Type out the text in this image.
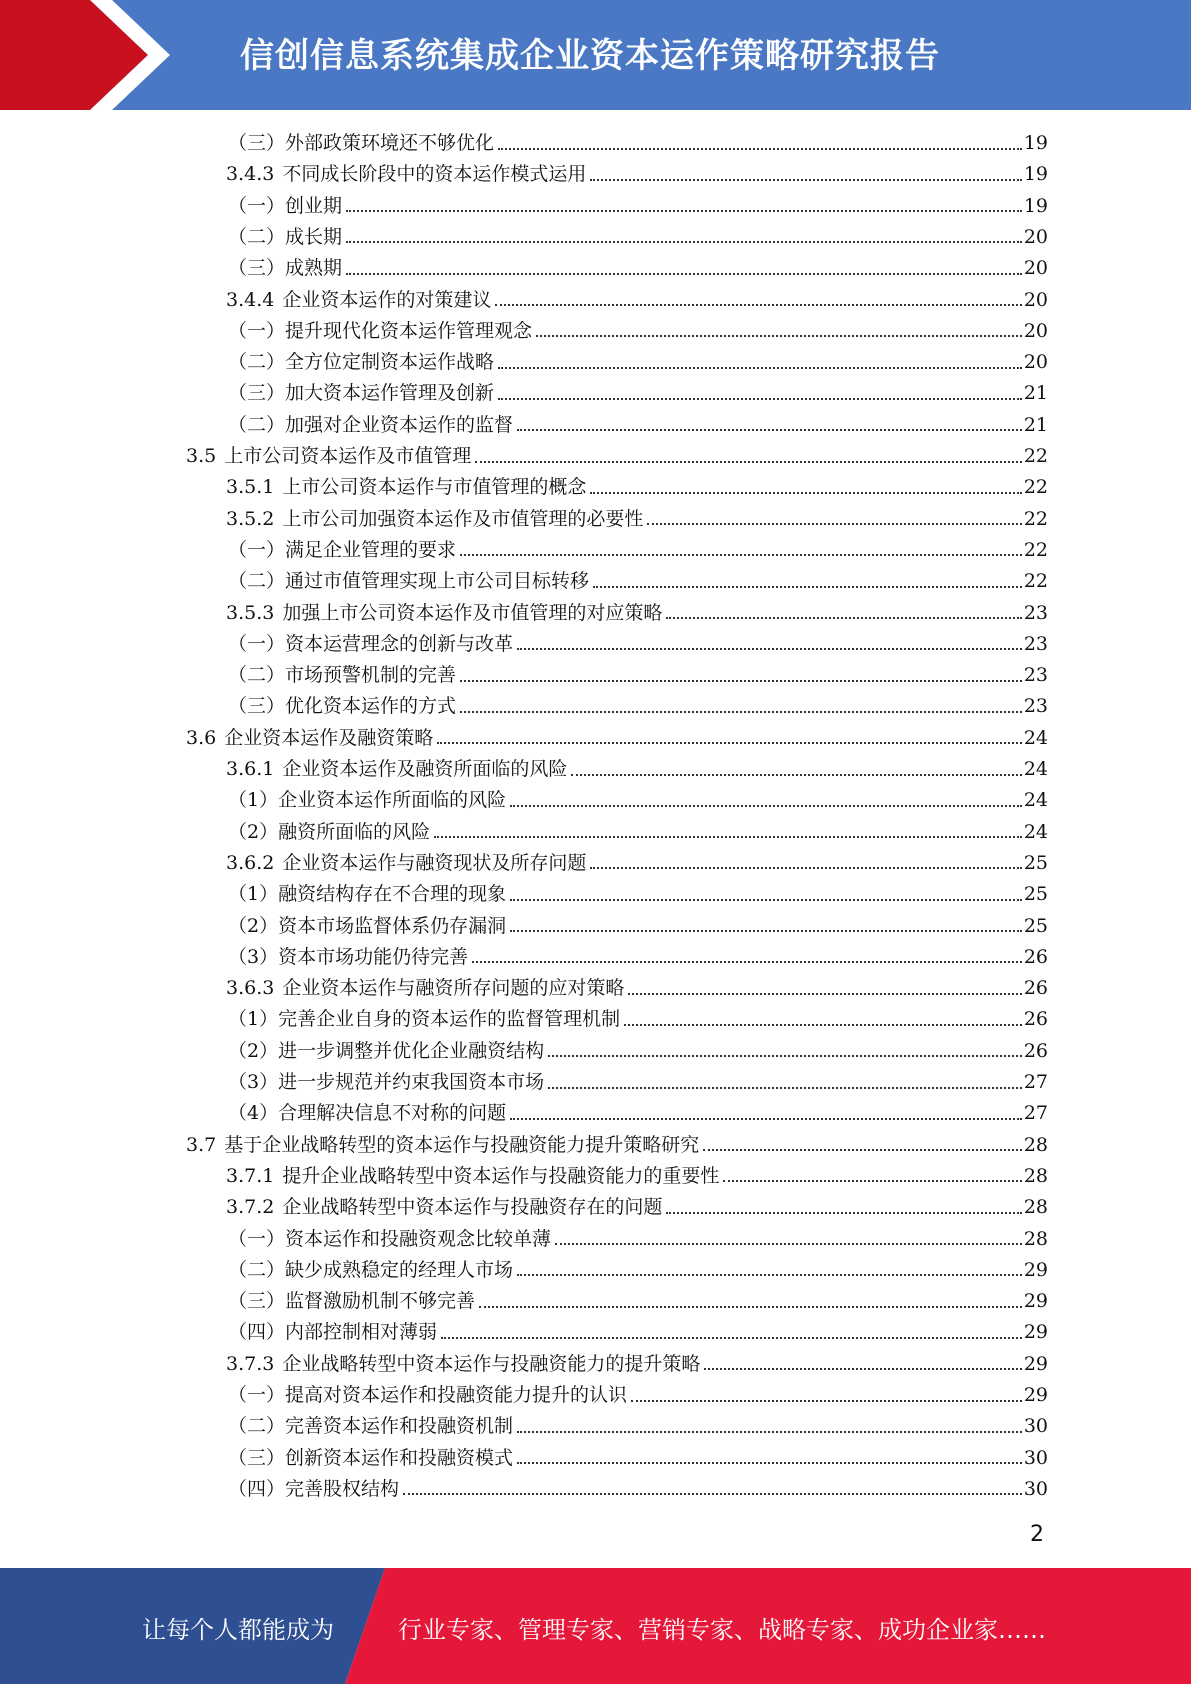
信创信息系统集成企业资本运作策略研究报告
（三）外部政策环境还不够优化	19
3.4.3 不同成长阶段中的资本运作模式运用	19
（一）创业期	19
（二）成长期	20
（三）成熟期	20
3.4.4 企业资本运作的对策建议	20
（一）提升现代化资本运作管理观念	20
（二）全方位定制资本运作战略	20
（三）加大资本运作管理及创新	21
（二）加强对企业资本运作的监督	21
3.5 上市公司资本运作及市值管理	22
3.5.1 上市公司资本运作与市值管理的概念	22
3.5.2 上市公司加强资本运作及市值管理的必要性	22
（一）满足企业管理的要求	22
（二）通过市值管理实现上市公司目标转移	22
3.5.3 加强上市公司资本运作及市值管理的对应策略	23
（一）资本运营理念的创新与改革	23
（二）市场预警机制的完善	23
（三）优化资本运作的方式	23
3.6 企业资本运作及融资策略	24
3.6.1 企业资本运作及融资所面临的风险	24
（1）企业资本运作所面临的风险	24
（2）融资所面临的风险	24
3.6.2 企业资本运作与融资现状及所存问题	25
（1）融资结构存在不合理的现象	25
（2）资本市场监督体系仍存漏洞	25
（3）资本市场功能仍待完善	26
3.6.3 企业资本运作与融资所存问题的应对策略	26
（1）完善企业自身的资本运作的监督管理机制	26
（2）进一步调整并优化企业融资结构	26
（3）进一步规范并约束我国资本市场	27
（4）合理解决信息不对称的问题	27
3.7 基于企业战略转型的资本运作与投融资能力提升策略研究	28
3.7.1 提升企业战略转型中资本运作与投融资能力的重要性	28
3.7.2 企业战略转型中资本运作与投融资存在的问题	28
（一）资本运作和投融资观念比较单薄	28
（二）缺少成熟稳定的经理人市场	29
（三）监督激励机制不够完善	29
（四）内部控制相对薄弱	29
3.7.3 企业战略转型中资本运作与投融资能力的提升策略	29
（一）提高对资本运作和投融资能力提升的认识	29
（二）完善资本运作和投融资机制	30
（三）创新资本运作和投融资模式	30
（四）完善股权结构	30
2
让每个人都能成为	行业专家、管理专家、营销专家、战略专家、成功企业家……
